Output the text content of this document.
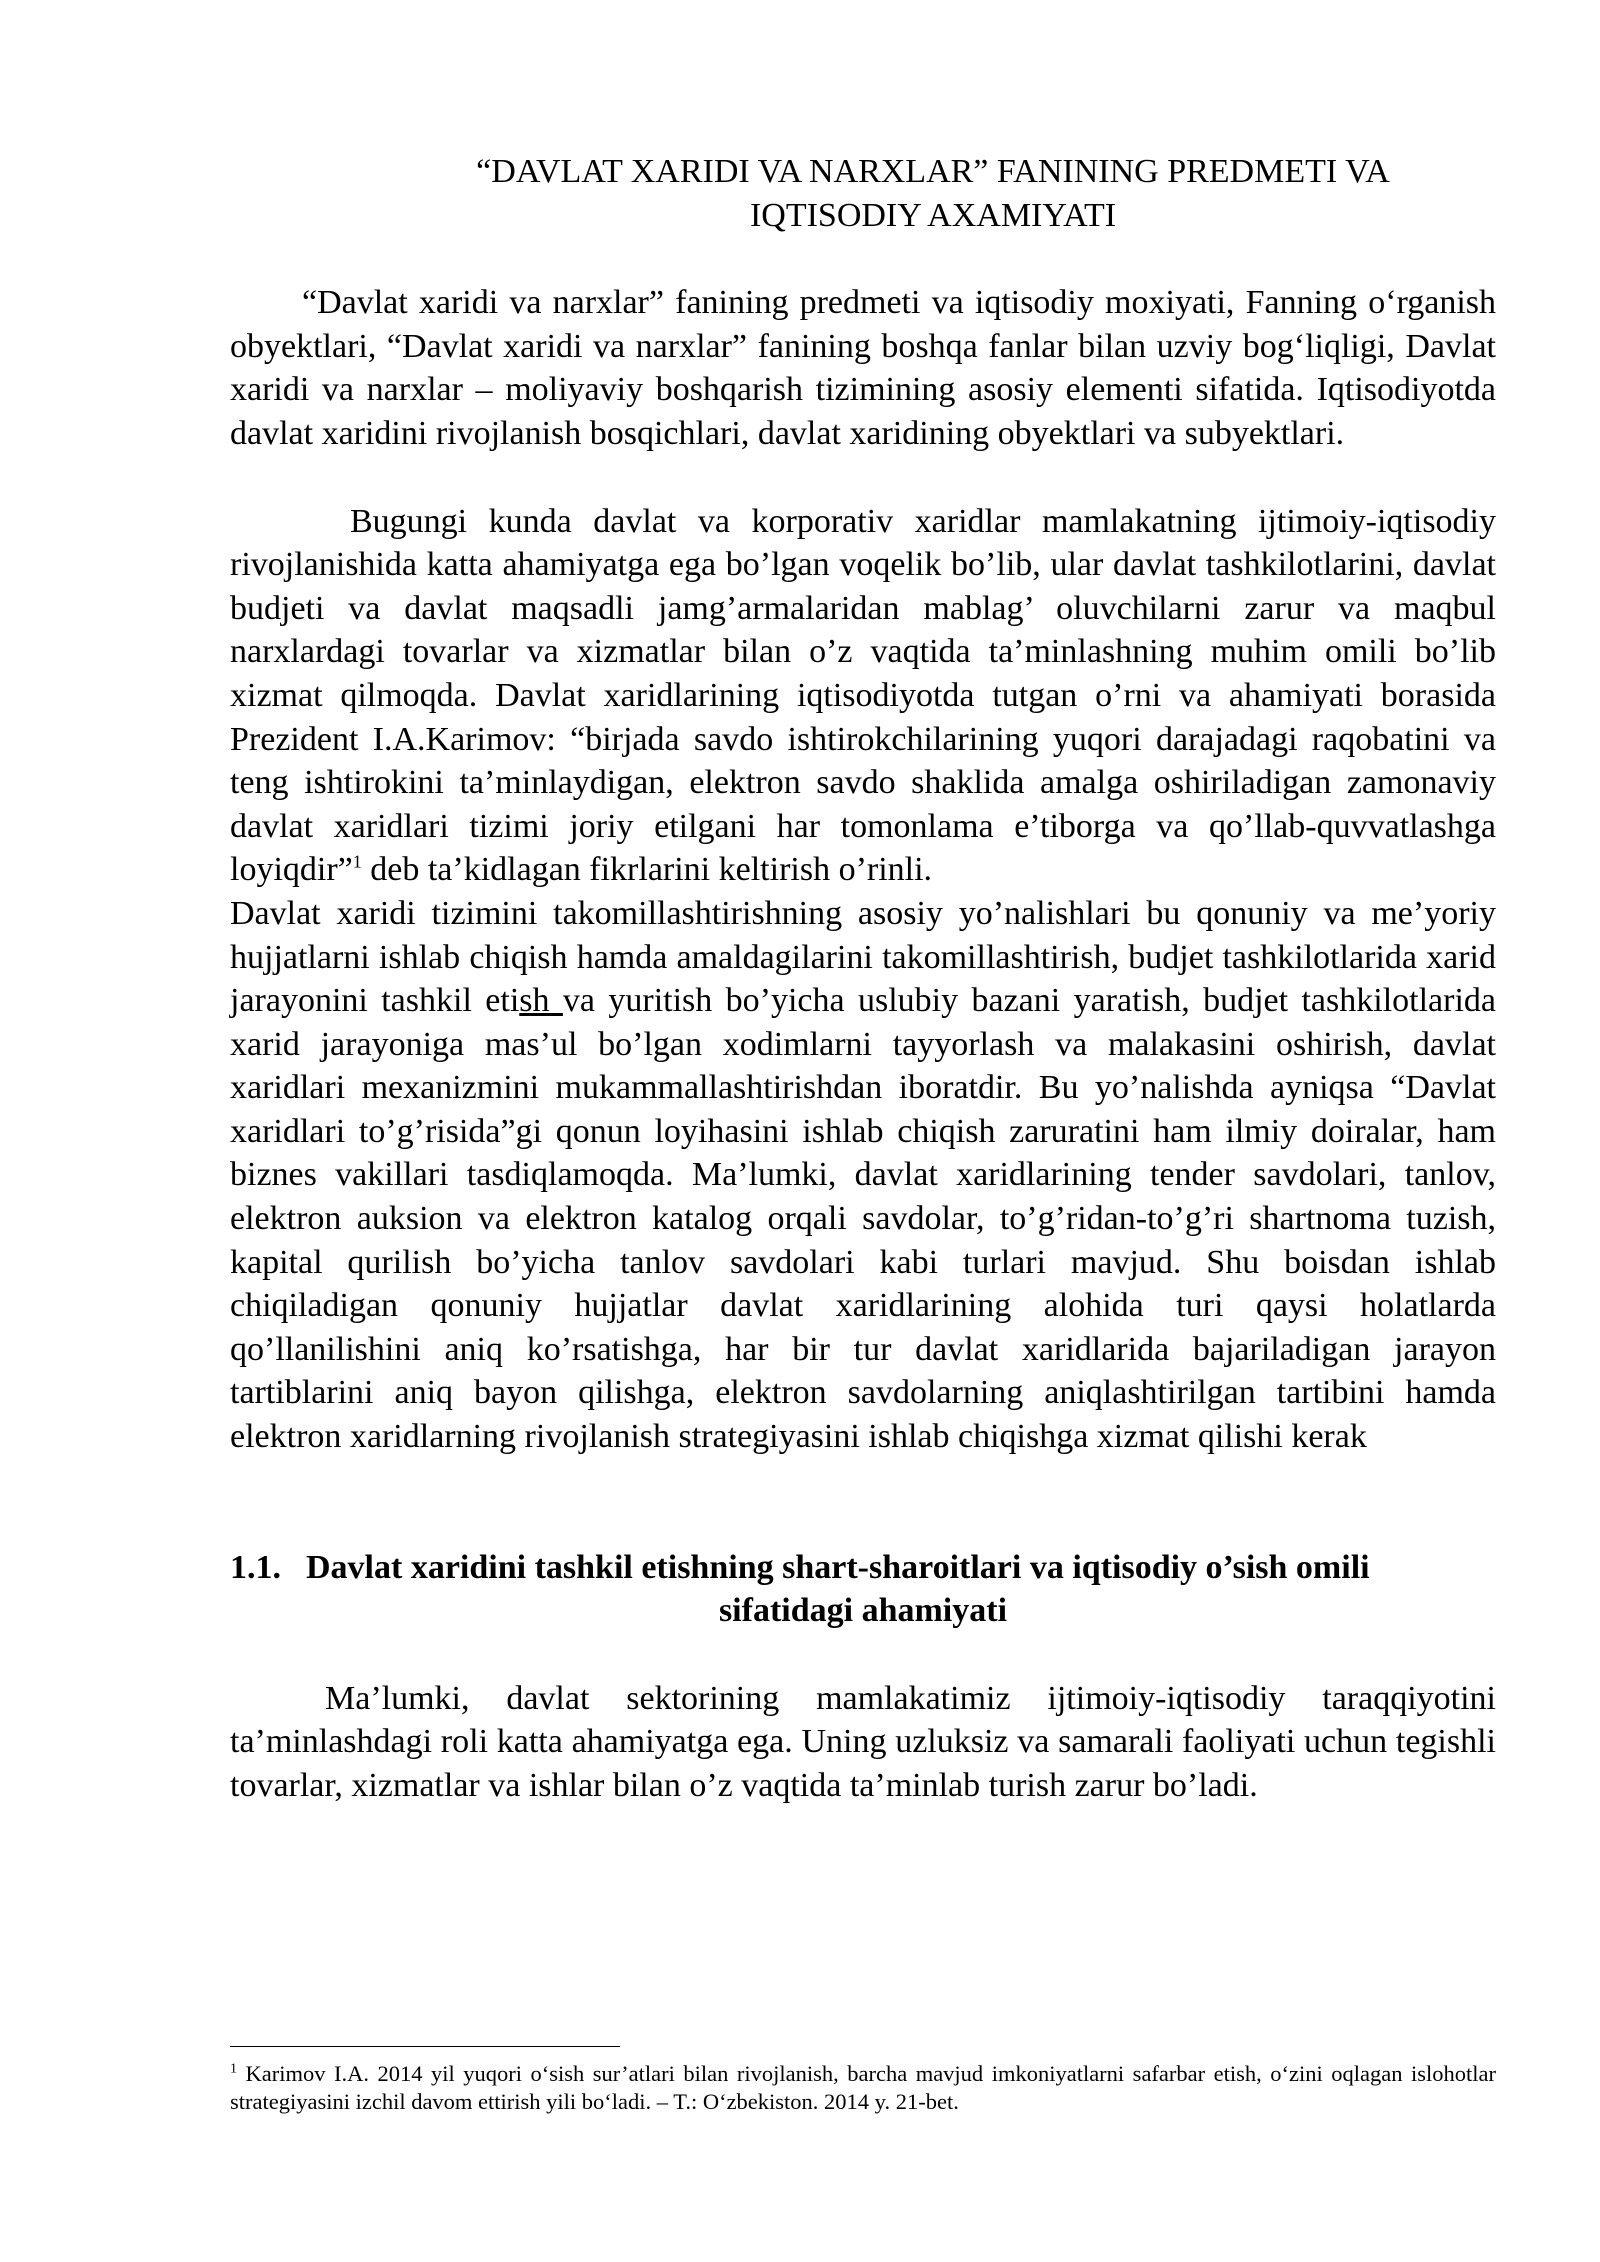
“DAVLAT XARIDI VA NARXLAR” FANINING PREDMETI VA
IQTISODIY AXAMIYATI

“Davlat xaridi va narxlar” fanining predmeti va iqtisodiy moxiyati, Fanning o‘rganish obyektlari, “Davlat xaridi va narxlar” fanining boshqa fanlar bilan uzviy bog‘liqligi, Davlat xaridi va narxlar – moliyaviy boshqarish tizimining asosiy elementi sifatida. Iqtisodiyotda davlat xaridini rivojlanish bosqichlari, davlat xaridining obyektlari va subyektlari.

Bugungi kunda davlat va korporativ xaridlar mamlakatning ijtimoiy-iqtisodiy rivojlanishida katta ahamiyatga ega bo’lgan voqelik bo’lib, ular davlat tashkilotlarini, davlat budjeti va davlat maqsadli jamg’armalaridan mablag’ oluvchilarni zarur va maqbul narxlardagi tovarlar va xizmatlar bilan o’z vaqtida ta’minlashning muhim omili bo’lib xizmat qilmoqda. Davlat xaridlarining iqtisodiyotda tutgan o’rni va ahamiyati borasida Prezident I.A.Karimov: “birjada savdo ishtirokchilarining yuqori darajadagi raqobatini va teng ishtirokini ta’minlaydigan, elektron savdo shaklida amalga oshiriladigan zamonaviy davlat xaridlari tizimi joriy etilgani har tomonlama e’tiborga va qo’llab-quvvatlashga loyiqdir”$^1$ deb ta’kidlagan fikrlarini keltirish o’rinli.

Davlat xaridi tizimini takomillashtirishning asosiy yo’nalishlari bu qonuniy va me’yoriy hujjatlarni ishlab chiqish hamda amaldagilarini takomillashtirish, budjet tashkilotlarida xarid jarayonini tashkil etish va yuritish bo’yicha uslubiy bazani yaratish, budjet tashkilotlarida xarid jarayoniga mas’ul bo’lgan xodimlarni tayyorlash va malakasini oshirish, davlat xaridlari mexanizmini mukammallashtirishdan iboratdir. Bu yo’nalishda ayniqsa “Davlat xaridlari to’g’risida”gi qonun loyihasini ishlab chiqish zaruratini ham ilmiy doiralar, ham biznes vakillari tasdiqlamoqda. Ma’lumki, davlat xaridlarining tender savdolari, tanlov, elektron auksion va elektron katalog orqali savdolar, to’g’ridan-to’g’ri shartnoma tuzish, kapital qurilish bo’yicha tanlov savdolari kabi turlari mavjud. Shu boisdan ishlab chiqiladigan qonuniy hujjatlar davlat xaridlarining alohida turi qaysi holatlarda qo’llanilishini aniq ko’rsatishga, har bir tur davlat xaridlarida bajariladigan jarayon tartiblarini aniq bayon qilishga, elektron savdolarning aniqlashtirilgan tartibini hamda elektron xaridlarning rivojlanish strategiyasini ishlab chiqishga xizmat qilishi kerak

1.1. Davlat xaridini tashkil etishning shart-sharoitlari va iqtisodiy o’sish omili
sifatidagi ahamiyati

Ma’lumki, davlat sektorining mamlakatimiz ijtimoiy-iqtisodiy taraqqiyotini ta’minlashdagi roli katta ahamiyatga ega. Uning uzluksiz va samarali faoliyati uchun tegishli tovarlar, xizmatlar va ishlar bilan o’z vaqtida ta’minlab turish zarur bo’ladi.

$^1$ Karimov I.A. 2014 yil yuqori o‘sish sur’atlari bilan rivojlanish, barcha mavjud imkoniyatlarni safarbar etish, o‘zini oqlagan islohotlar strategiyasini izchil davom ettirish yili bo‘ladi. – T.: O‘zbekiston. 2014 y. 21-bet.
